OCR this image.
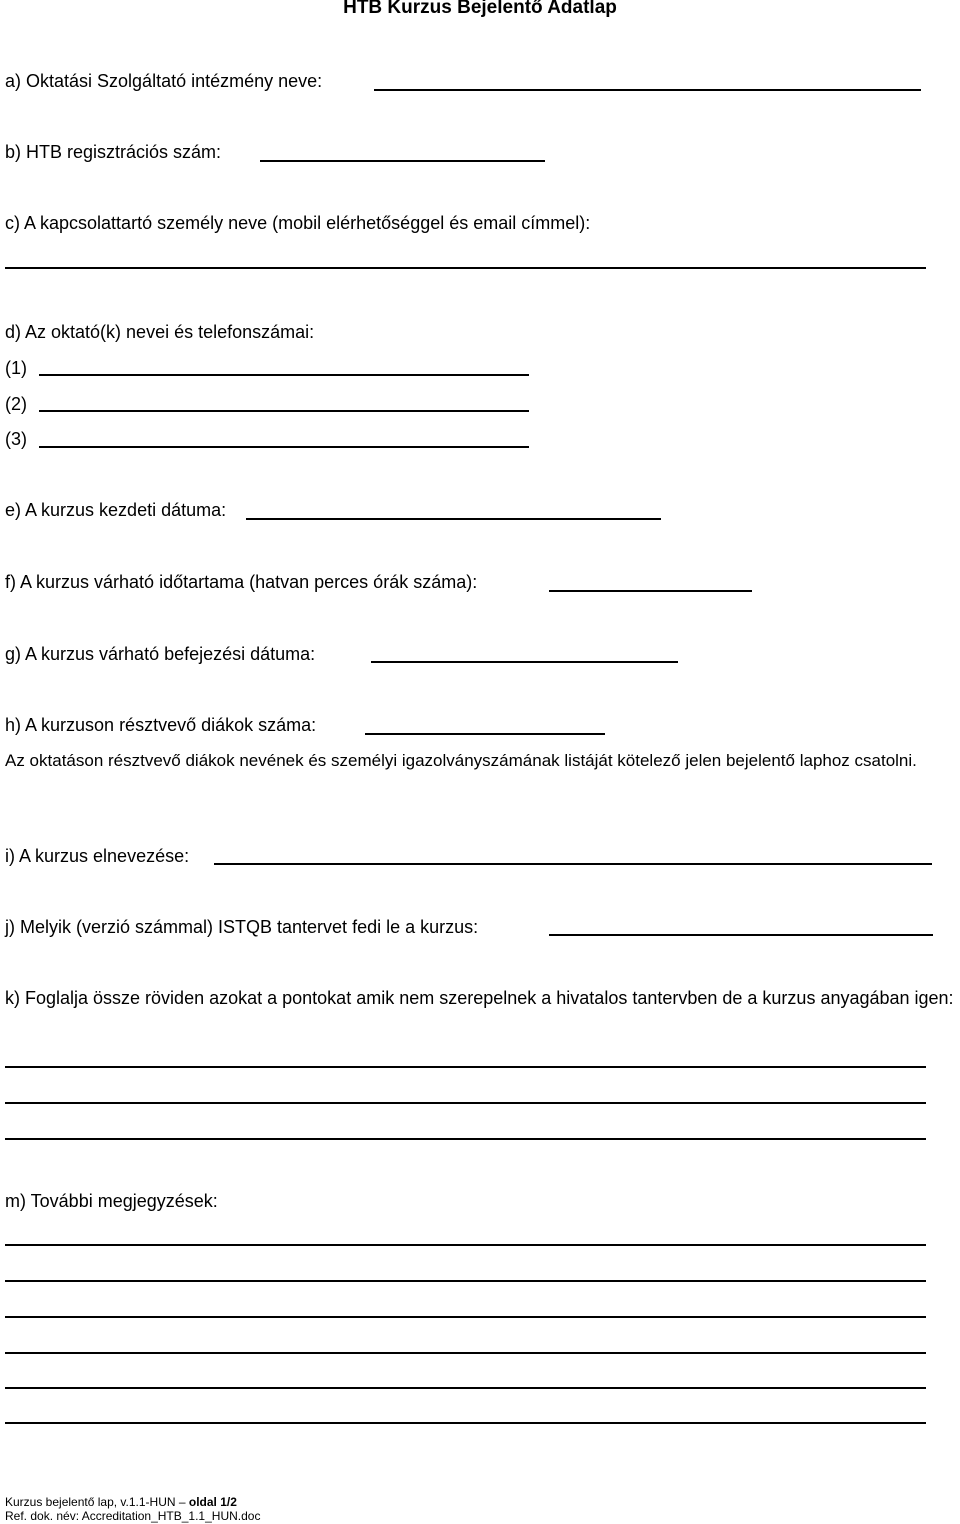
HTB Kurzus Bejelentő Adatlap
a) Oktatási Szolgáltató intézmény neve:
b) HTB regisztrációs szám:
c) A kapcsolattartó személy neve (mobil elérhetőséggel és email címmel):
d) Az oktató(k) nevei és telefonszámai:
(1)
(2)
(3)
e) A kurzus kezdeti dátuma:
f) A kurzus várható időtartama (hatvan perces órák száma):
g) A kurzus várható befejezési dátuma:
h) A kurzuson résztvevő diákok száma:
Az oktatáson résztvevő diákok nevének és személyi igazolványszámának listáját kötelező jelen bejelentő laphoz csatolni.
i) A kurzus elnevezése:
j) Melyik (verzió számmal) ISTQB tantervet fedi le a kurzus:
k) Foglalja össze röviden azokat a pontokat amik nem szerepelnek a hivatalos tantervben de a kurzus anyagában igen:
m) További megjegyzések:
Kurzus bejelentő lap, v.1.1-HUN – oldal 1/2
Ref. dok. név: Accreditation_HTB_1.1_HUN.doc
